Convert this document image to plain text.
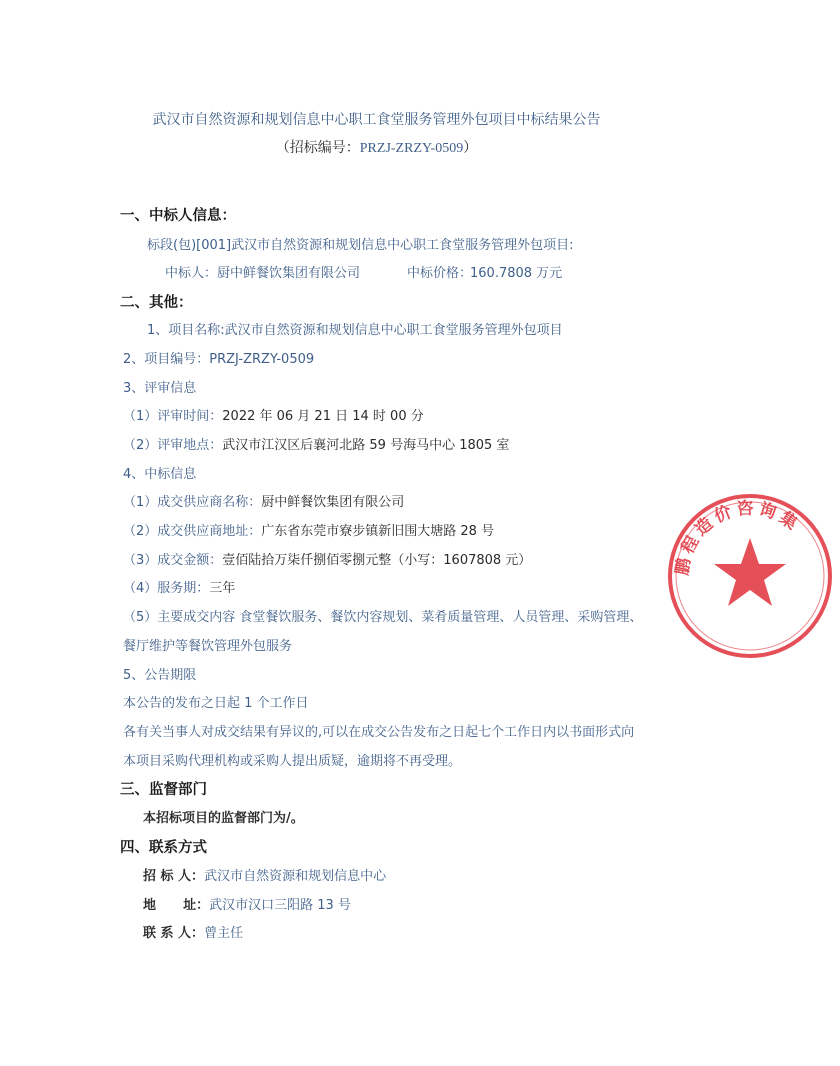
武汉市自然资源和规划信息中心职工食堂服务管理外包项目中标结果公告
（招标编号：PRZJ-ZRZY-0509）
一、中标人信息：
标段(包)[001]武汉市自然资源和规划信息中心职工食堂服务管理外包项目:
中标人： 厨中鲜餐饮集团有限公司	中标价格：
160.7808 万元
二、其他：
1、项目名称:武汉市自然资源和规划信息中心职工食堂服务管理外包项目
2、项目编号：PRZJ-ZRZY-0509
3、评审信息
（1）评审时间：2022 年 06 月 21 日 14 时 00 分
（2）评审地点：武汉市江汉区后襄河北路 59 号海马中心 1805 室
4、中标信息
（1）成交供应商名称：厨中鲜餐饮集团有限公司
（2）成交供应商地址：广东省东莞市寮步镇新旧围大塘路 28 号
（3）成交金额：壹佰陆拾万柒仟捌佰零捌元整（小写：1607808 元）
（4）服务期：三年
（5）主要成交内容 食堂餐饮服务、餐饮内容规划、菜肴质量管理、人员管理、采购管理、
餐厅维护等餐饮管理外包服务
5、公告期限
本公告的发布之日起 1 个工作日
各有关当事人对成交结果有异议的,可以在成交公告发布之日起七个工作日内以书面形式向
本项目采购代理机构或采购人提出质疑，逾期将不再受理。
三、监督部门
本招标项目的监督部门为/。
四、联系方式
招 标 人：武汉市自然资源和规划信息中心
地      址：武汉市汉口三阳路 13 号
联 系 人：曾主任
鹏程造价咨询集
